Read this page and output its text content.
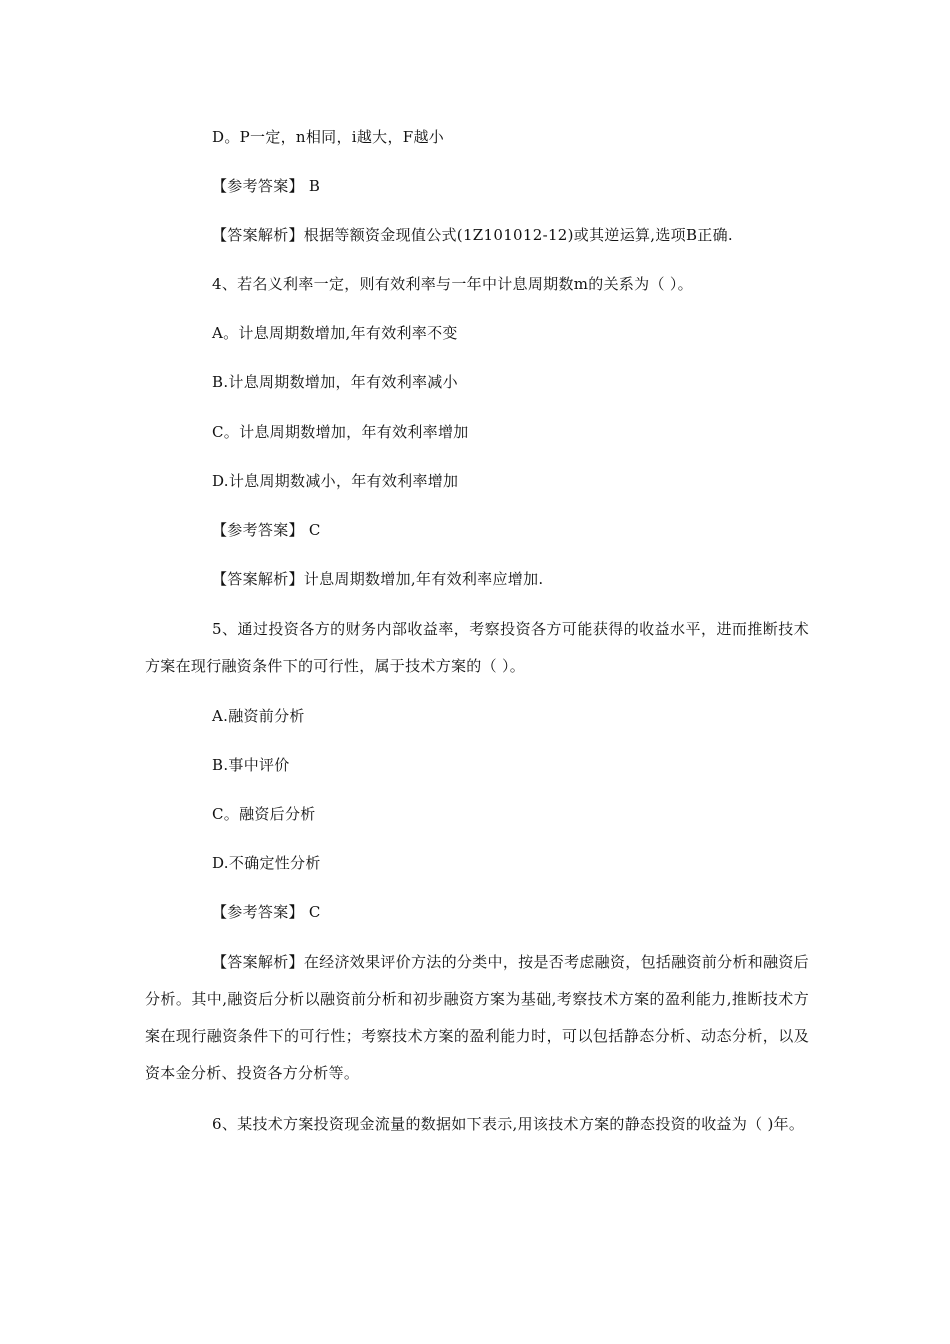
D。P一定，n相同，i越大，F越小
【参考答案】 B
【答案解析】根据等额资金现值公式(1Z101012-12)或其逆运算,选项B正确.
4、若名义利率一定，则有效利率与一年中计息周期数m的关系为（ ）。
A。计息周期数增加,年有效利率不变
B.计息周期数增加，年有效利率减小
C。计息周期数增加，年有效利率增加
D.计息周期数减小，年有效利率增加
【参考答案】 C
【答案解析】计息周期数增加,年有效利率应增加.
5、通过投资各方的财务内部收益率，考察投资各方可能获得的收益水平，进而推断技术方案在现行融资条件下的可行性，属于技术方案的（ ）。
A.融资前分析
B.事中评价
C。融资后分析
D.不确定性分析
【参考答案】 C
【答案解析】在经济效果评价方法的分类中，按是否考虑融资，包括融资前分析和融资后分析。其中,融资后分析以融资前分析和初步融资方案为基础,考察技术方案的盈利能力,推断技术方案在现行融资条件下的可行性；考察技术方案的盈利能力时，可以包括静态分析、动态分析，以及资本金分析、投资各方分析等。
6、某技术方案投资现金流量的数据如下表示,用该技术方案的静态投资的收益为（ )年。
